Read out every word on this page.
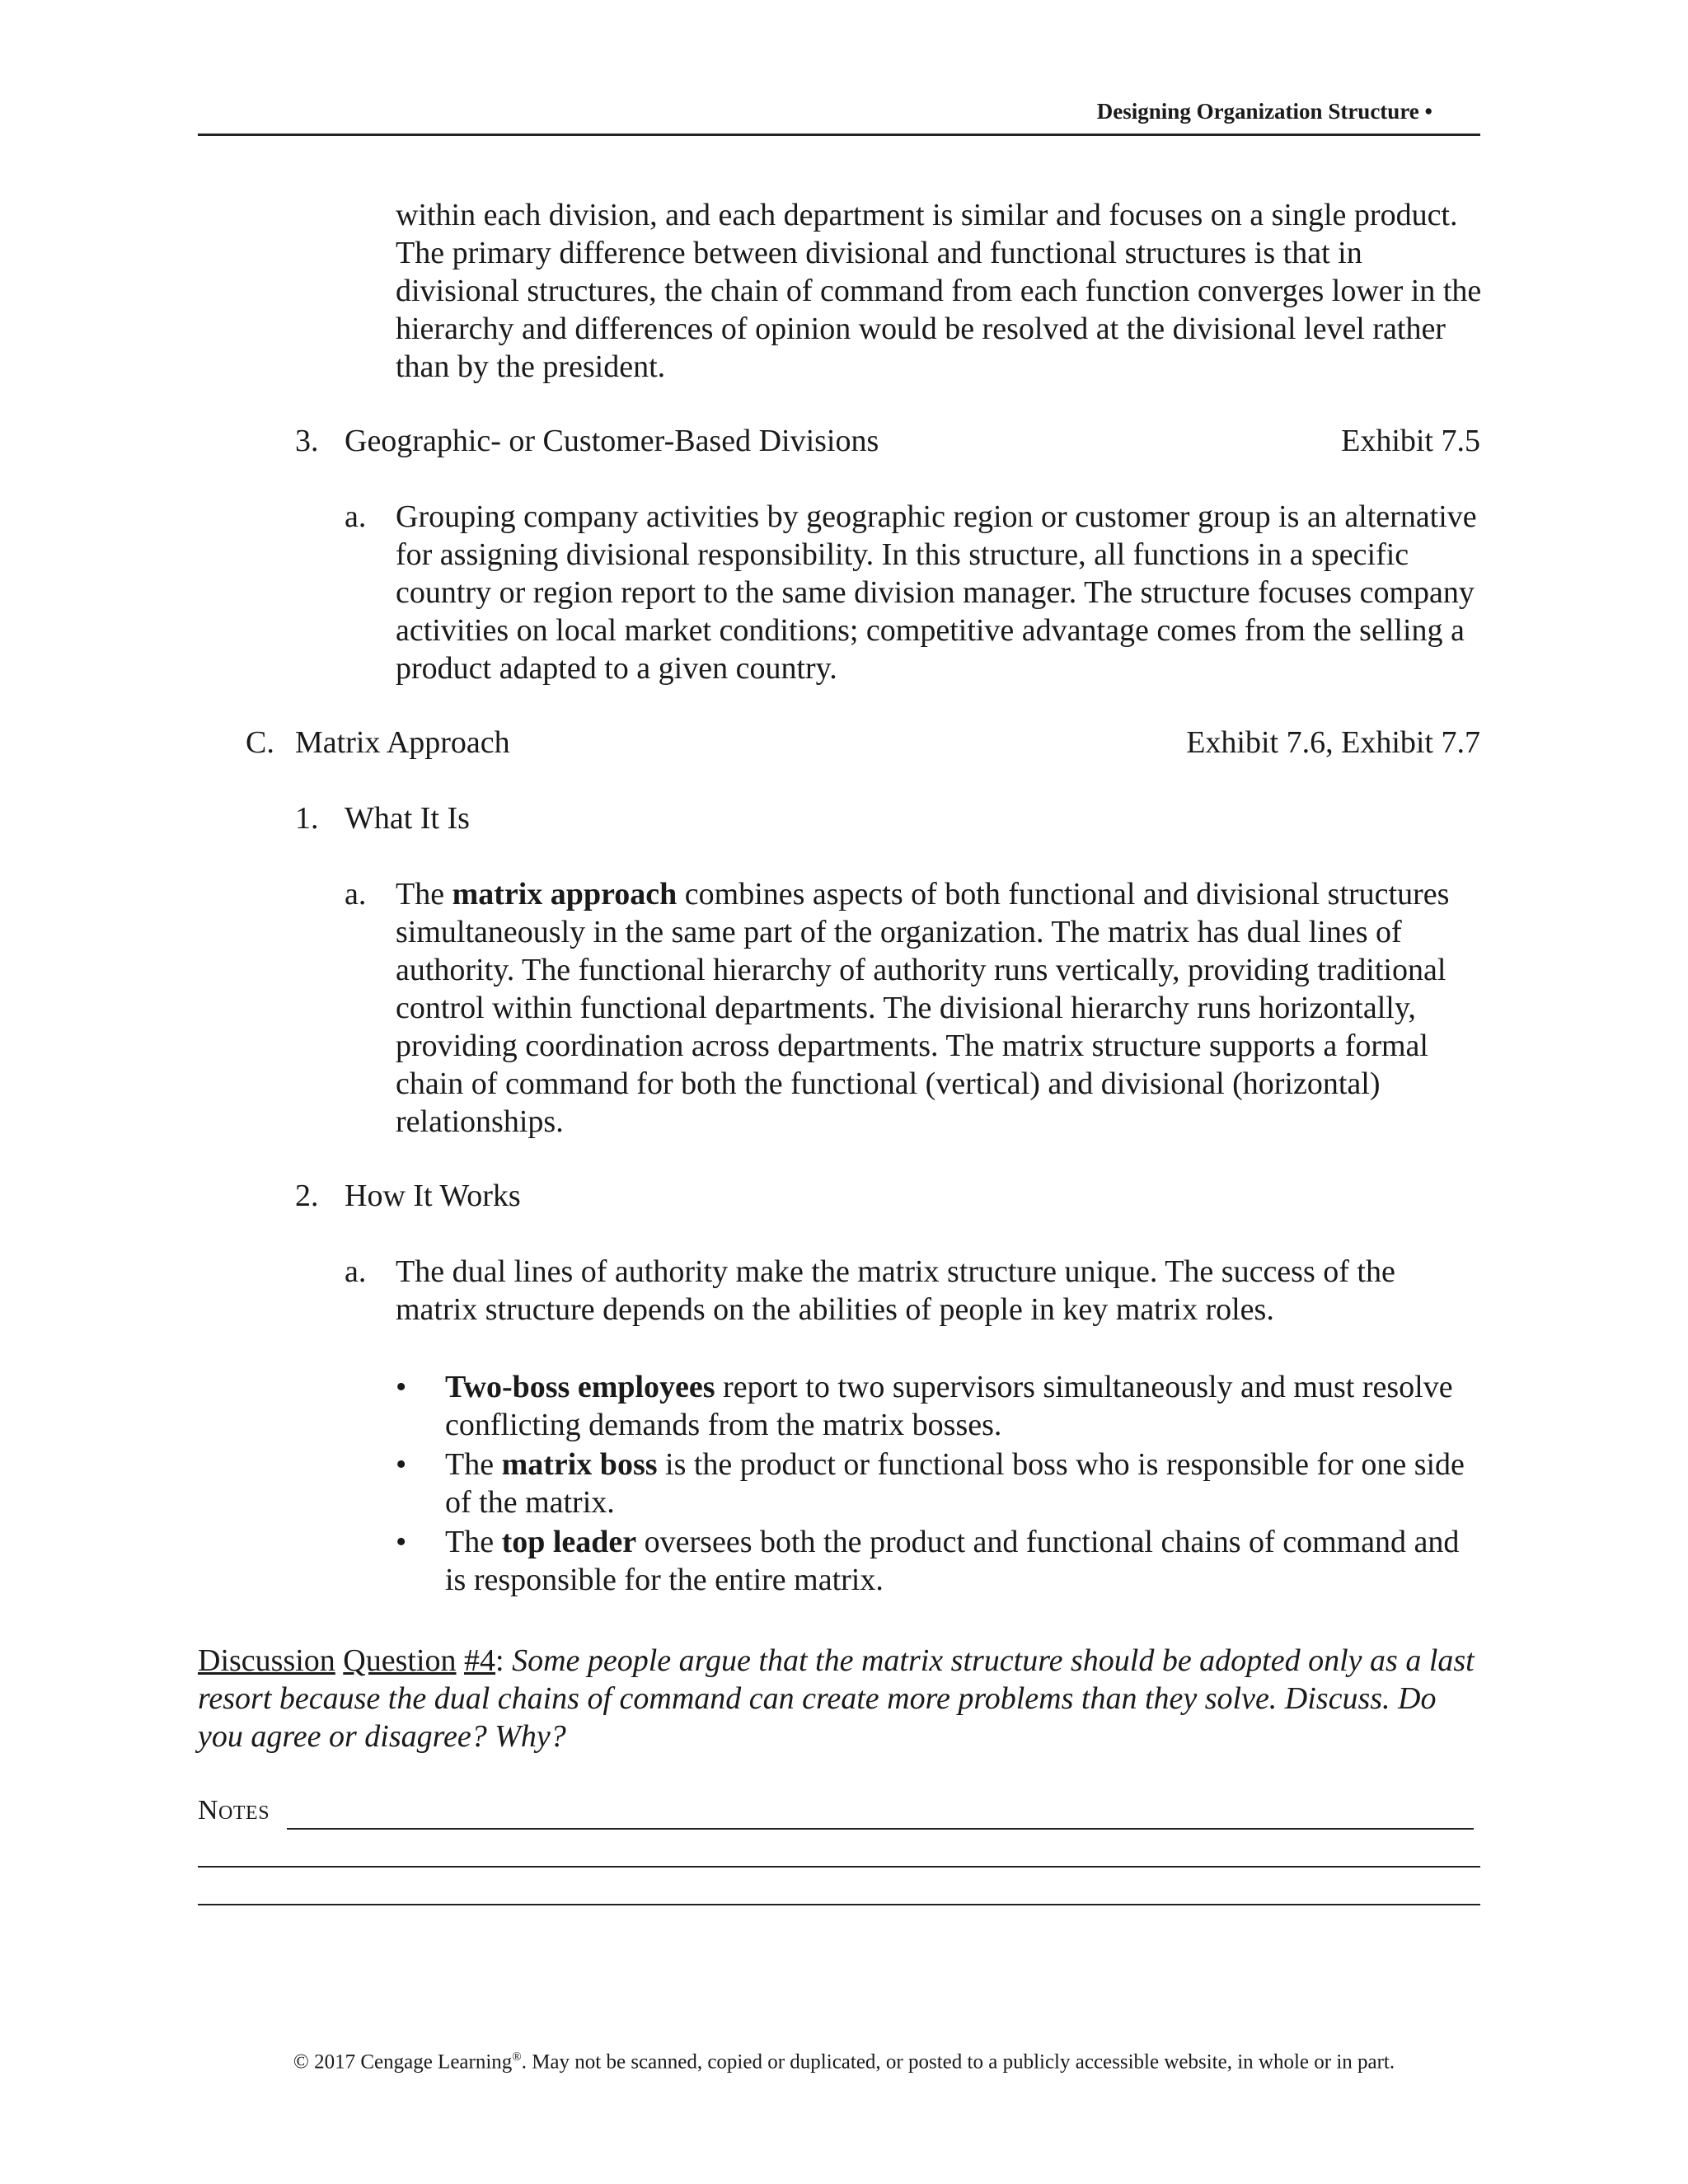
Designing Organization Structure •
within each division, and each department is similar and focuses on a single product. The primary difference between divisional and functional structures is that in divisional structures, the chain of command from each function converges lower in the hierarchy and differences of opinion would be resolved at the divisional level rather than by the president.
3. Geographic- or Customer-Based Divisions	Exhibit 7.5
a. Grouping company activities by geographic region or customer group is an alternative for assigning divisional responsibility. In this structure, all functions in a specific country or region report to the same division manager. The structure focuses company activities on local market conditions; competitive advantage comes from the selling a product adapted to a given country.
C. Matrix Approach	Exhibit 7.6, Exhibit 7.7
1. What It Is
a. The matrix approach combines aspects of both functional and divisional structures simultaneously in the same part of the organization. The matrix has dual lines of authority. The functional hierarchy of authority runs vertically, providing traditional control within functional departments. The divisional hierarchy runs horizontally, providing coordination across departments. The matrix structure supports a formal chain of command for both the functional (vertical) and divisional (horizontal) relationships.
2. How It Works
a. The dual lines of authority make the matrix structure unique. The success of the matrix structure depends on the abilities of people in key matrix roles.
• Two-boss employees report to two supervisors simultaneously and must resolve conflicting demands from the matrix bosses.
• The matrix boss is the product or functional boss who is responsible for one side of the matrix.
• The top leader oversees both the product and functional chains of command and is responsible for the entire matrix.
Discussion Question #4: Some people argue that the matrix structure should be adopted only as a last resort because the dual chains of command can create more problems than they solve. Discuss. Do you agree or disagree? Why?
Notes
© 2017 Cengage Learning®. May not be scanned, copied or duplicated, or posted to a publicly accessible website, in whole or in part.
